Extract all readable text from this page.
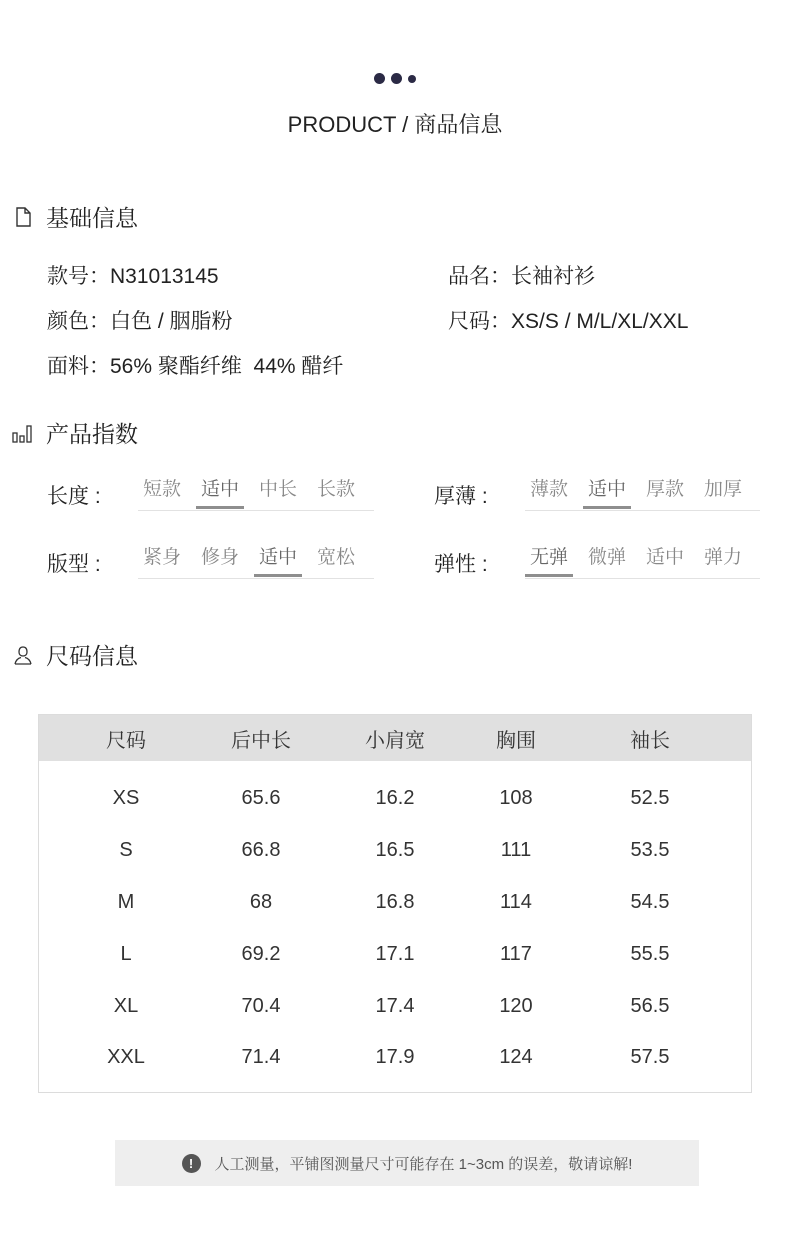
PRODUCT / 商品信息
基础信息
款号 ： N31013145	品名 ： 长袖衬衫
颜色 ： 白色 / 胭脂粉	尺码 ： XS/S / M/L/XL/XXL
面料 ： 56% 聚酯纤维  44% 醋纤
产品指数
长度 :	短款 适中 中长 长款	厚薄 :	薄款 适中 厚款 加厚
版型 :	紧身 修身 适中 宽松	弹性 :	无弹 微弹 适中 弹力
尺码信息
尺码	后中长	小肩宽	胸围	袖长
XS	65.6	16.2	108	52.5
S	66.8	16.5	111	53.5
M	68	16.8	114	54.5
L	69.2	17.1	117	55.5
XL	70.4	17.4	120	56.5
XXL	71.4	17.9	124	57.5
!	人工测量，平铺图测量尺寸可能存在 1~3cm 的误差，敬请谅解!
